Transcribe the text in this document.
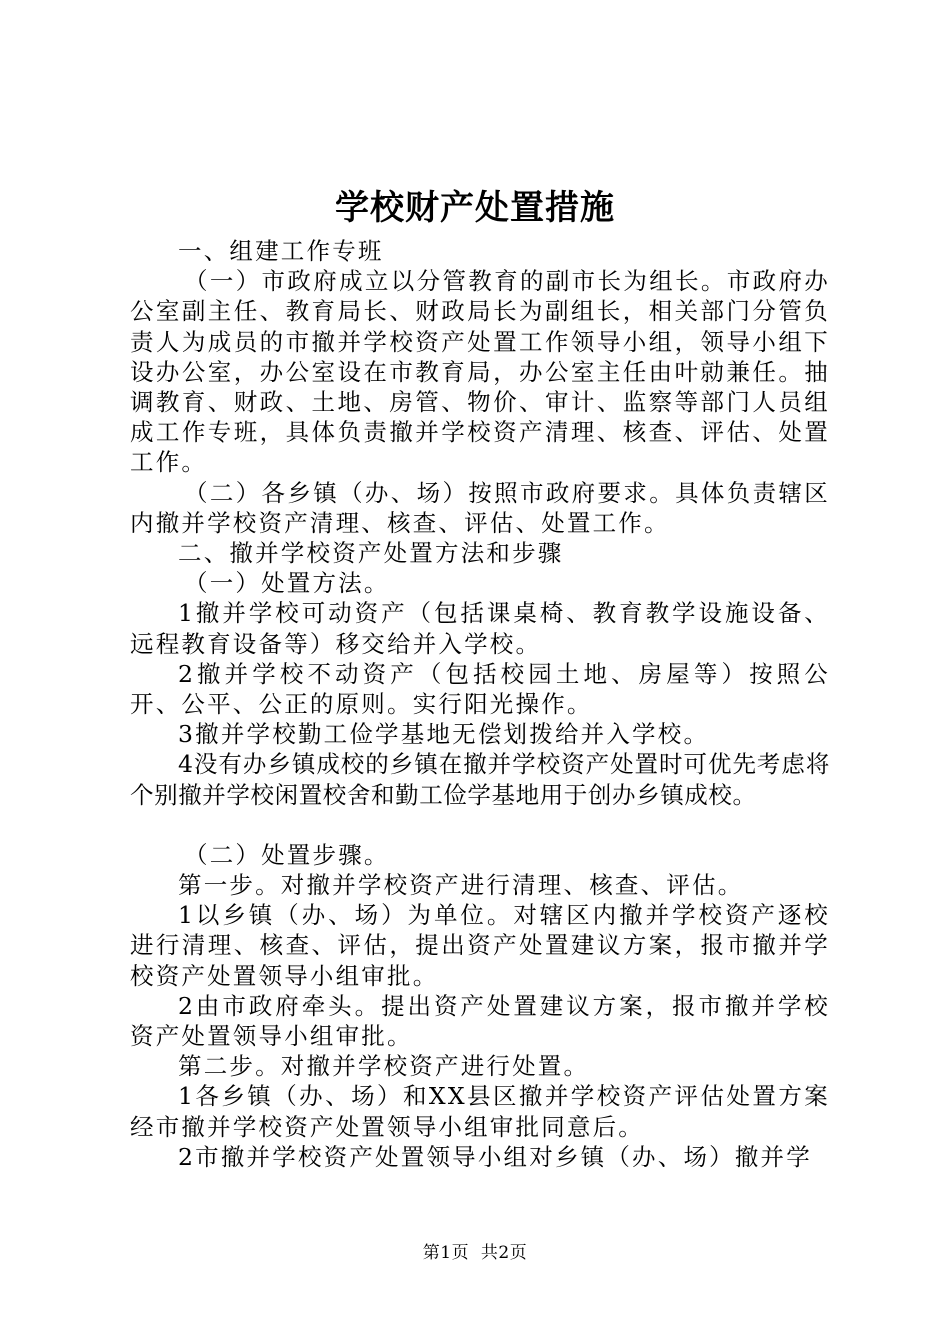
学校财产处置措施

一、组建工作专班

（一）市政府成立以分管教育的副市长为组长。市政府办公室副主任、教育局长、财政局长为副组长，相关部门分管负责人为成员的市撤并学校资产处置工作领导小组，领导小组下设办公室，办公室设在市教育局，办公室主任由叶勍兼任。抽调教育、财政、土地、房管、物价、审计、监察等部门人员组成工作专班，具体负责撤并学校资产清理、核查、评估、处置工作。

（二）各乡镇（办、场）按照市政府要求。具体负责辖区内撤并学校资产清理、核查、评估、处置工作。

二、撤并学校资产处置方法和步骤

（一）处置方法。

1撤并学校可动资产（包括课桌椅、教育教学设施设备、远程教育设备等）移交给并入学校。

2撤并学校不动资产（包括校园土地、房屋等）按照公开、公平、公正的原则。实行阳光操作。

3撤并学校勤工俭学基地无偿划拨给并入学校。

4没有办乡镇成校的乡镇在撤并学校资产处置时可优先考虑将个别撤并学校闲置校舍和勤工俭学基地用于创办乡镇成校。

（二）处置步骤。

第一步。对撤并学校资产进行清理、核查、评估。

1以乡镇（办、场）为单位。对辖区内撤并学校资产逐校进行清理、核查、评估，提出资产处置建议方案，报市撤并学校资产处置领导小组审批。

2由市政府牵头。提出资产处置建议方案，报市撤并学校资产处置领导小组审批。

第二步。对撤并学校资产进行处置。

1各乡镇（办、场）和XX县区撤并学校资产评估处置方案经市撤并学校资产处置领导小组审批同意后。

2市撤并学校资产处置领导小组对乡镇（办、场）撤并学

第1页 共2页
